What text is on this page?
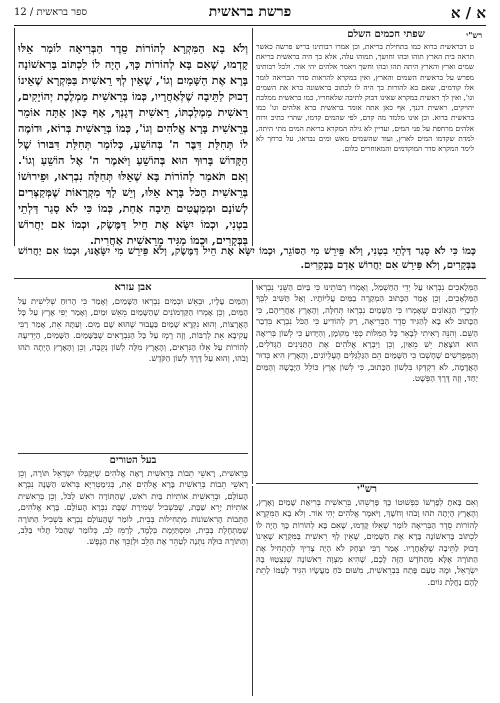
12 / ספר בראשית	פרשת בראשית	א / א
שפתי חכמים השלם
ט דבראשית ברוא כמו בתחילת בריאת, וכן אמרו רבותינו בריש פרשה כאשר תראה בית הארץ תוהו ובהו וחושך, תמוהו עלה, אלא כך היה בראשית בריאת שמים וארץ והארץ היתה תהו ובהו וחשך ויאמר אלהים יהי אור. ולכל רבותינו מפרש על בראשית השמים והארץ, ואין במקרא להראות סדר הבריאה לומר אלו קודמים, שאם בא להורות כך היה לו לכתוב בראשונה ברא את השמים וגו', ואין לך ראשית במקרא שאינו דבוק לתיבה שלאחריו, כמו בראשית ממלכת יהויקים, ראשית דגנך, אף כאן אתה אומר בראשית ברא אלהים וגו' כמו בראשית ברוא. וכן אינו מלמד מה קדם, לפי שהמים קדמו, שהרי כתיב ורוח אלהים מרחפת על פני המים, ועדיין לא גילה המקרא בריאת המים מתי היתה, למדת שקדמו המים לארץ, ועוד שהשמים מאש ומים נבראו, על כרחך לא לימד המקרא סדר המוקדמים והמאוחרים כלום.
רש"י
וְלֹא בָא הַמִּקְרָא לְהוֹרוֹת סֵדֶר הַבְּרִיאָה לוֹמַר אֵלּוּ קָדְמוּ, שֶׁאִם בָּא לְהוֹרוֹת כָּךְ, הָיָה לוֹ לִכְתּוֹב בָּרִאשׁוֹנָה בָּרָא אֶת הַשָּׁמַיִם וְגוֹ', שֶׁאֵין לְךָ רֵאשִׁית בַּמִּקְרָא שֶׁאֵינוֹ דָבוּק לַתֵּיבָה שֶׁלְּאַחֲרָיו, כְּמוֹ בְּרֵאשִׁית מַמְלֶכֶת יְהוֹיָקִים, רֵאשִׁית מַמְלַכְתּוֹ, רֵאשִׁית דְּגָנְךָ, אַף כָּאן אַתָּה אוֹמֵר בְּרֵאשִׁית בָּרָא אֱלֹהִים וְגוֹ', כְּמוֹ בְּרֵאשִׁית בְּרוֹא, וּדוֹמֶה לוֹ תְּחִלַּת דִּבֶּר ה' בְּהוֹשֵׁעַ, כְּלוֹמַר תְּחִלַּת דִּבּוּרוֹ שֶׁל הַקָּדוֹשׁ בָּרוּךְ הוּא בְּהוֹשֵׁעַ וַיֹּאמֶר ה' אֶל הוֹשֵׁעַ וְגוֹ'. וְאִם תֹּאמַר לְהוֹרוֹת בָּא שֶׁאֵלּוּ תְּחִלָּה נִבְרְאוּ, וּפֵירוּשׁוֹ בְּרֵאשִׁית הַכֹּל בָּרָא אֵלּוּ, וְיֵשׁ לָךְ מִקְרָאוֹת שֶׁמְּקַצְּרִים לְשׁוֹנָם וּמְמַעֲטִים תֵּיבָה אַחַת, כְּמוֹ כִּי לֹא סָגַר דַּלְתֵי בִטְנִי, וּכְמוֹ יִשָּׂא אֶת חֵיל דַּמֶּשֶׂק, וּכְמוֹ אִם יַחֲרוֹשׁ בַּבְּקָרִים, וּכְמוֹ מַגִּיד מֵרֵאשִׁית אַחֲרִית.
כְּמוֹ כִּי לֹא סָגַר דַּלְתֵי בִטְנִי, וְלֹא פֵּירֵשׁ מִי הַסּוֹגֵר, וּכְמוֹ יִשָּׂא אֶת חֵיל דַּמֶּשֶׂק, וְלֹא פֵּירֵשׁ מִי יִשָּׂאֶנּוּ, וּכְמוֹ אִם יַחֲרוֹשׁ בַּבְּקָרִים, וְלֹא פֵּירֵשׁ אִם יַחֲרוֹשׁ אָדָם בַּבְּקָרִים.
הַמְּלָאכִים נִבְרְאוּ עַל יְדֵי הַחַשְׁמַל, וְאָמְרוּ רַבּוֹתֵינוּ כִּי בַּיּוֹם הַשֵּׁנִי נִבְרְאוּ הַמַּלְאָכִים, וְכֵן אָמַר הַכָּתוּב הַמְקָרֶה בַמַּיִם עֲלִיּוֹתָיו. וְאַל תַּשִּׁיב לִבְּךָ לִדְבָרֵי הַגְּאוֹנִים שֶׁאָמְרוּ כִּי הַשָּׁמַיִם נִבְרְאוּ תְּחִלָּה, וְהָאָרֶץ אַחֲרֵיהֶם, כִּי הַכָּתוּב לֹא בָא לְהַגִּיד סֵדֶר הַבְּרִיאָה, רַק לְהוֹדִיעַ כִּי הַכֹּל נִבְרָא בִּדְבַר הַשֵּׁם. וְהִנֵּה רָאִיתִי לְבָאֵר כָּל הַמִּלּוֹת כְּפִי מְקוֹמָן, וְהַיָּדוּעַ כִּי לְשׁוֹן בְּרִיאָה הוּא הוֹצָאַת יֵשׁ מֵאַיִן, וְכֵן וַיִּבְרָא אֱלֹהִים אֶת הַתַּנִּינִים הַגְּדֹלִים, וְהַמְּפָרְשִׁים שֶׁחָשְׁבוּ כִּי הַשָּׁמַיִם הֵם הַגַּלְגַּלִּים הָעֶלְיוֹנִים, וְהָאָרֶץ הִיא כְּדוּר הָאֲדָמָה, לֹא דִקְדְּקוּ בִּלְשׁוֹן הַכָּתוּב, כִּי לְשׁוֹן אֶרֶץ כּוֹלֵל הַיָּבָשָׁה וְהַמַּיִם יַחַד, וְזֶה דֶּרֶךְ הַפְּשָׁט.
אבן עזרא
וְהַמַּיִם עָלָיו, וּבְאֵשׁ וּבְמַיִם נִבְרְאוּ הַשָּׁמַיִם, וְאָמַר כִּי הָרוּחַ שְׁלִישִׁית עַל הַמַּיִם, וְכֵן אָמְרוּ הַקַּדְמוֹנִים שֶׁהַשָּׁמַיִם מֵאֵשׁ וּמַיִם, וְאָמַר יְפִי אֶרֶץ עַל כָּל הָאֲרָצוֹת, וְהוּא נִקְרָא שָׁמַיִם בַּעֲבוּר שֶׁהוּא שָׁם מַיִם. וְעַתָּה אֵת, אָמַר רַבִּי עֲקִיבָא אֵת לְרַבּוֹת, וְזֶה רֶמֶז עַל כָּל הַנִּבְרָאִים שֶׁבַּשָּׁמַיִם. הַשָּׁמַיִם, הַיְּדִיעָה לְהוֹרוֹת עַל אֵלּוּ הַנִּרְאִים, וְהָאָרֶץ מִלָּה לְשׁוֹן נְקֵבָה, וְכֵן וְהָאָרֶץ הָיְתָה תֹהוּ וָבֹהוּ, וְהוּא עַל דֶּרֶךְ לְשׁוֹן הַקֹּדֶשׁ.
רש"י
וְאִם בָּאתָ לְפָרְשׁוֹ כִּפְשׁוּטוֹ כָּךְ פָּרְשֵׁהוּ, בְּרֵאשִׁית בְּרִיאַת שָׁמַיִם וָאָרֶץ, וְהָאָרֶץ הָיְתָה תֹהוּ וָבֹהוּ וְחֹשֶׁךְ, וַיֹּאמֶר אֱלֹהִים יְהִי אוֹר. וְלֹא בָא הַמִּקְרָא לְהוֹרוֹת סֵדֶר הַבְּרִיאָה לוֹמַר שֶׁאֵלּוּ קָדְמוּ, שֶׁאִם בָּא לְהוֹרוֹת כָּךְ הָיָה לוֹ לִכְתּוֹב בָּרִאשׁוֹנָה בָּרָא אֶת הַשָּׁמַיִם, שֶׁאֵין לְךָ רֵאשִׁית בַּמִּקְרָא שֶׁאֵינוֹ דָבוּק לַתֵּיבָה שֶׁלְּאַחֲרָיו. אָמַר רַבִּי יִצְחָק לֹא הָיָה צָרִיךְ לְהַתְחִיל אֶת הַתּוֹרָה אֶלָּא מֵהַחֹדֶשׁ הַזֶּה לָכֶם, שֶׁהִיא מִצְוָה רִאשׁוֹנָה שֶׁנִּצְטַוּוּ בָּהּ יִשְׂרָאֵל, וּמָה טַעַם פָּתַח בִּבְרֵאשִׁית, מִשּׁוּם כֹּחַ מַעֲשָׂיו הִגִּיד לְעַמּוֹ לָתֵת לָהֶם נַחֲלַת גּוֹיִם.
בעל הטורים
בְּרֵאשִׁית, רָאשֵׁי תֵבוֹת בְּרֵאשִׁית רָאָה אֱלֹהִים שֶׁיְּקַבְּלוּ יִשְׂרָאֵל תּוֹרָה, וְכֵן רָאשֵׁי תֵבוֹת בְּרֵאשִׁית בָּרָא אֱלֹהִים אֵת, בְּגִימַטְרִיָּא בְּרֹאשׁ הַשָּׁנָה נִבְרָא הָעוֹלָם, וּבְרֵאשִׁית אוֹתִיּוֹת בַּיִת רֹאשׁ, שֶׁהַתּוֹרָה רֹאשׁ לַכֹּל, וְכֵן בְּרֵאשִׁית אוֹתִיּוֹת יָרֵא שַׁבָּת, שֶׁבִּשְׁבִיל שְׁמִירַת שַׁבָּת נִבְרָא הָעוֹלָם. בָּרָא אֱלֹהִים, הַתֵּבוֹת הָרִאשׁוֹנוֹת מַתְחִילוֹת בְּבֵית, לוֹמַר שֶׁהָעוֹלָם נִבְרָא בִּשְׁבִיל הַתּוֹרָה שֶׁמַּתְחֶלֶת בְּבֵית, וּמִסְתַּיֶּמֶת בְּלָמֶד, לְרַמֵּז לֵב, כְּלוֹמַר שֶׁהַכֹּל תָּלוּי בַּלֵּב, וְהַתּוֹרָה כּוּלָּהּ נִתְּנָה לְטַהֵר אֶת הַלֵּב וּלְזַכֵּךְ אֶת הַנֶּפֶשׁ.
